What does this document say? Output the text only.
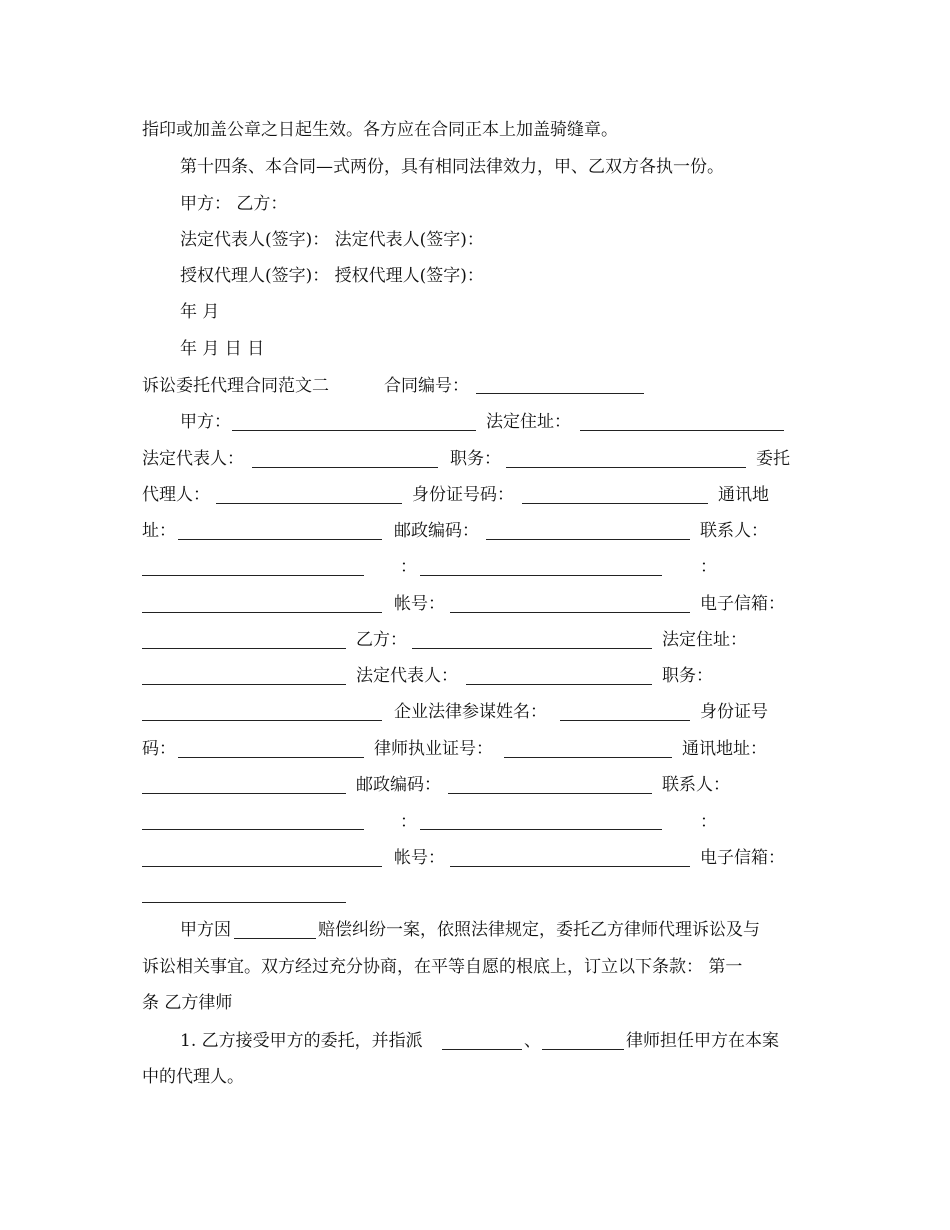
指印或加盖公章之日起生效。各方应在合同正本上加盖骑缝章。
第十四条、本合同—式两份，具有相同法律效力，甲、乙双方各执一份。
甲方： 乙方：
法定代表人(签字)： 法定代表人(签字)：
授权代理人(签字)： 授权代理人(签字)：
年 月
年 月 日 日
诉讼委托代理合同范文二	合同编号：
甲方：	法定住址：
法定代表人：	职务：	委托
代理人：	身份证号码：	通讯地
址：	邮政编码：	联系人：
：	：
帐号：	电子信箱：
乙方：	法定住址：
法定代表人：	职务：
企业法律参谋姓名：	身份证号
码：	律师执业证号：	通讯地址：
邮政编码：	联系人：
：	：
帐号：	电子信箱：
甲方因	赔偿纠纷一案，依照法律规定，委托乙方律师代理诉讼及与
诉讼相关事宜。双方经过充分协商，在平等自愿的根底上，订立以下条款： 第一
条 乙方律师
1. 乙方接受甲方的委托，并指派	、	律师担任甲方在本案
中的代理人。
